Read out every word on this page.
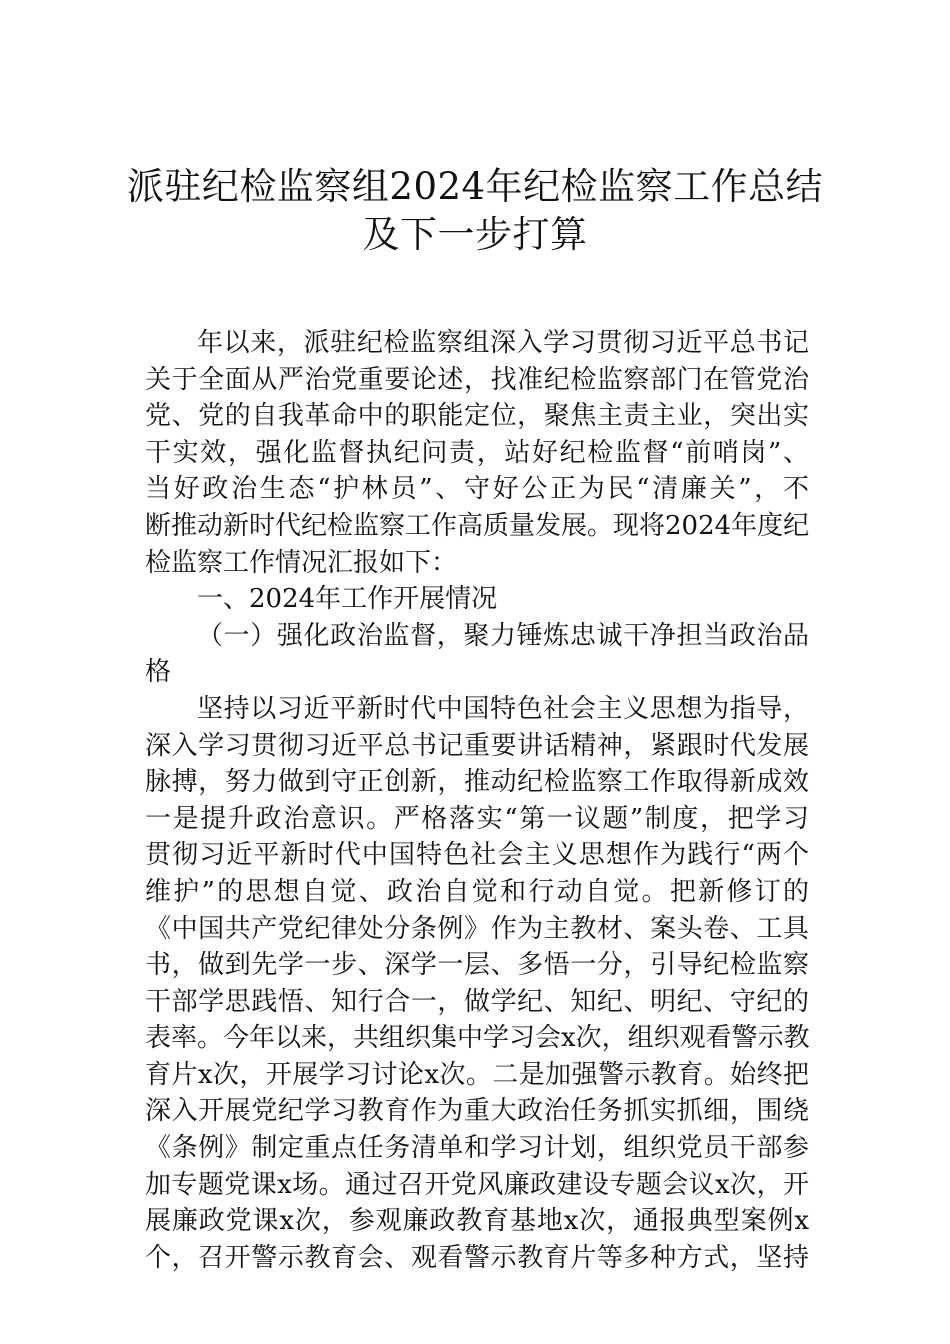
派驻纪检监察组2024年纪检监察工作总结
及下一步打算
年以来，派驻纪检监察组深入学习贯彻习近平总书记
关于全面从严治党重要论述，找准纪检监察部门在管党治
党、党的自我革命中的职能定位，聚焦主责主业，突出实
干实效，强化监督执纪问责，站好纪检监督“前哨岗”、
当好政治生态“护林员”、守好公正为民“清廉关”，不
断推动新时代纪检监察工作高质量发展。现将2024年度纪
检监察工作情况汇报如下：
一、2024年工作开展情况
（一）强化政治监督，聚力锤炼忠诚干净担当政治品
格
坚持以习近平新时代中国特色社会主义思想为指导，
深入学习贯彻习近平总书记重要讲话精神，紧跟时代发展
脉搏，努力做到守正创新，推动纪检监察工作取得新成效
一是提升政治意识。严格落实“第一议题”制度，把学习
贯彻习近平新时代中国特色社会主义思想作为践行“两个
维护”的思想自觉、政治自觉和行动自觉。把新修订的
《中国共产党纪律处分条例》作为主教材、案头卷、工具
书，做到先学一步、深学一层、多悟一分，引导纪检监察
干部学思践悟、知行合一，做学纪、知纪、明纪、守纪的
表率。今年以来，共组织集中学习会x次，组织观看警示教
育片x次，开展学习讨论x次。二是加强警示教育。始终把
深入开展党纪学习教育作为重大政治任务抓实抓细，围绕
《条例》制定重点任务清单和学习计划，组织党员干部参
加专题党课x场。通过召开党风廉政建设专题会议x次，开
展廉政党课x次，参观廉政教育基地x次，通报典型案例x
个，召开警示教育会、观看警示教育片等多种方式，坚持
